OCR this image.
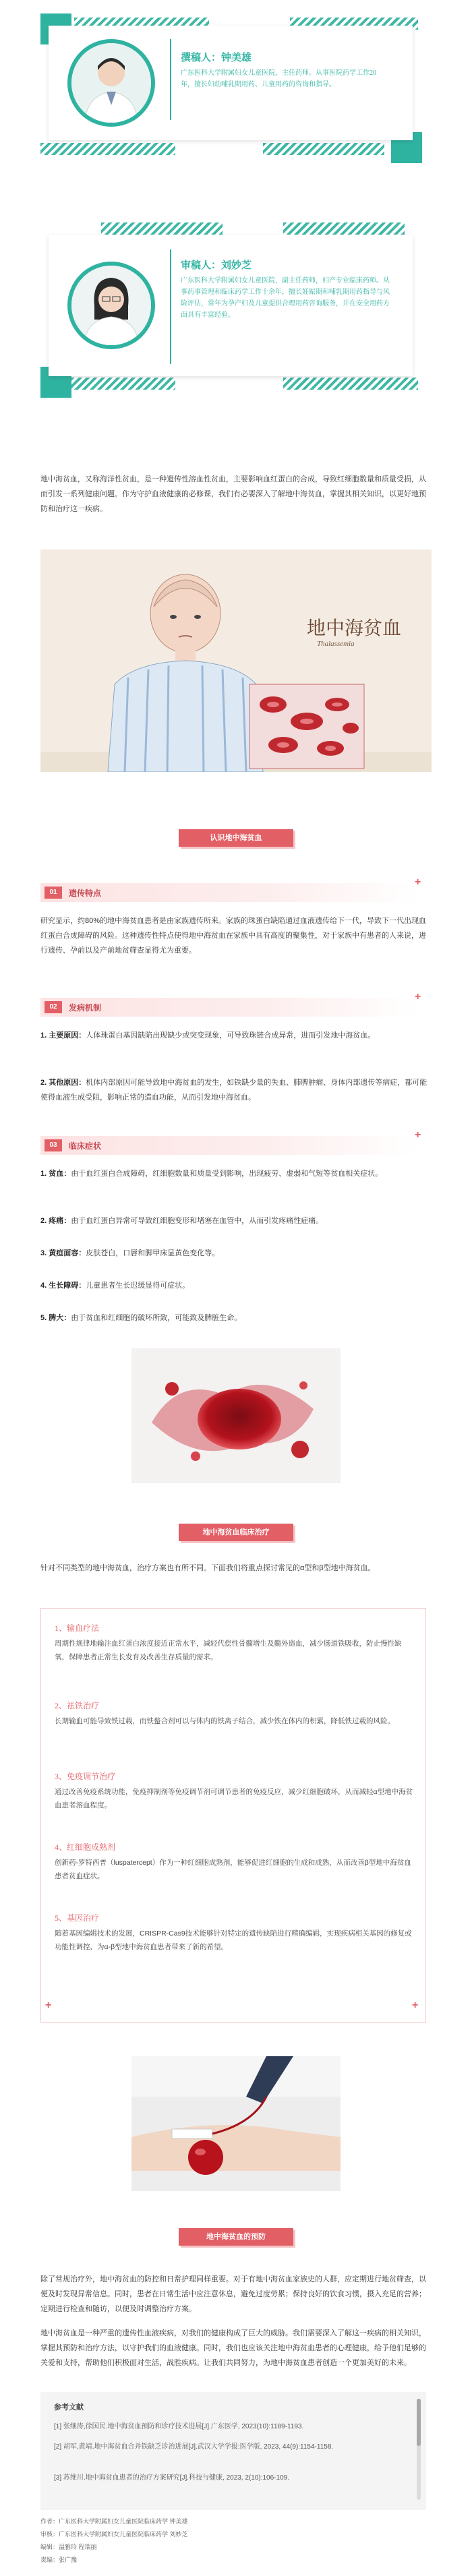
撰稿人：钟美雄
广东医科大学附属妇女儿童医院，主任药师。从事医院药学工作20年，擅长妇幼哺乳期用药、儿童用药的咨询和指导。
审稿人：刘妙芝
广东医科大学附属妇女儿童医院，副主任药师，妇产专业临床药师。从事药事管理和临床药学工作十余年，擅长妊娠期和哺乳期用药指导与风险评估，常年为孕产妇及儿童提供合理用药咨询服务，并在安全用药方面具有丰富经验。
地中海贫血，又称海洋性贫血，是一种遗传性溶血性贫血，主要影响血红蛋白的合成，导致红细胞数量和质量受损，从而引发一系列健康问题。作为守护血液健康的必修课，我们有必要深入了解地中海贫血，掌握其相关知识，以更好地预防和治疗这一疾病。
地中海贫血
Thalassemia
认识地中海贫血
01	遗传特点
+
研究显示，约80%的地中海贫血患者是由家族遗传所来。家族的珠蛋白缺陷通过血液遗传给下一代，导致下一代出现血红蛋白合成障碍的风险。这种遗传性特点使得地中海贫血在家族中具有高度的聚集性，对于家族中有患者的人来说，进行遗传、孕前以及产前地贫筛查显得尤为重要。
02	发病机制
+
1. 主要原因：人体珠蛋白基因缺陷出现缺少或突变现象，可导致珠链合成异常，进而引发地中海贫血。
2. 其他原因：机体内部原因可能导致地中海贫血的发生，如铁缺少量的失血、肺脾肿瘤、身体内部遗传等病症，都可能使得血液生成受阻，影响正常的造血功能，从而引发地中海贫血。
03	临床症状
+
1. 贫血：由于血红蛋白合成障碍，红细胞数量和质量受到影响，出现疲劳、虚弱和气短等贫血相关症状。
2. 疼痛：由于血红蛋白异常可导致红细胞变形和堵塞在血管中，从而引发疼痛性症痛。
3. 黄疸面容：皮肤苍白，口唇和脚甲床显黄色变化等。
4. 生长障碍：儿童患者生长迟缓显得可症状。
5. 脾大：由于贫血和红细胞的破坏所致，可能致及脾脏生命。
地中海贫血临床治疗
针对不同类型的地中海贫血，治疗方案也有所不同。下面我们将重点探讨常见的α型和β型地中海贫血。
1、输血疗法
周期性规律地输注血红蛋白浓度接近正常水平，减轻代偿性骨髓增生及髓外造血，减少肠道铁吸收，防止慢性缺氧，保障患者正常生长发育及改善生存质量的需求。
2、祛铁治疗
长期输血可能导致铁过载，而铁螯合剂可以与体内的铁离子结合，减少铁在体内的积累，降低铁过载的风险。
3、免疫调节治疗
通过改善免疫系统功能，免疫抑制剂等免疫调节剂可调节患者的免疫反应，减少红细胞破坏，从而减轻α型地中海贫血患者溶血程度。
4、红细胞成熟剂
创新药-罗特西普（luspatercept）作为一种红细胞成熟剂，能够促进红细胞的生成和成熟，从而改善β型地中海贫血患者贫血症状。
5、基因治疗
随着基因编辑技术的发展，CRISPR-Cas9技术能够针对特定的遗传缺陷进行精确编辑，实现疾病相关基因的修复或功能性调控，为α-β型地中海贫血患者带来了新的希望。
+	+
地中海贫血的预防
除了常规治疗外，地中海贫血的防控和日常护理同样重要。对于有地中海贫血家族史的人群，应定期进行地贫筛查，以便及时发现异常信息。同时，患者在日常生活中应注意休息，避免过度劳累；保持良好的饮食习惯，摄入充足的营养；定期进行检查和随访，以便及时调整治疗方案。
地中海贫血是一种严重的遗传性血液疾病，对我们的健康构成了巨大的威胁。我们需要深入了解这一疾病的相关知识，掌握其预防和治疗方法，以守护我们的血液健康。同时，我们也应该关注地中海贫血患者的心理健康，给予他们足够的关爱和支持，帮助他们积极面对生活，战胜疾病。让我们共同努力，为地中海贫血患者创造一个更加美好的未来。
参考文献
[1] 张继涛,徐国民.地中海贫血预防和诊疗技术进展[J].广东医学, 2023(10):1189-1193.
[2] 胡军,黄靖.地中海贫血合并铁缺乏诊治进展[J].武汉大学学报:医学版, 2023, 44(9):1154-1158.
[3] 苏维川.地中海贫血患者的治疗方案研究[J].科技与健康, 2023, 2(10):106-109.
作者：广东医科大学附属妇女儿童医院临床药学 钟美雄
审核：广东医科大学附属妇女儿童医院临床药学 刘妙芝
编辑：温雅玲 程瑞丽
责编：张广豫
